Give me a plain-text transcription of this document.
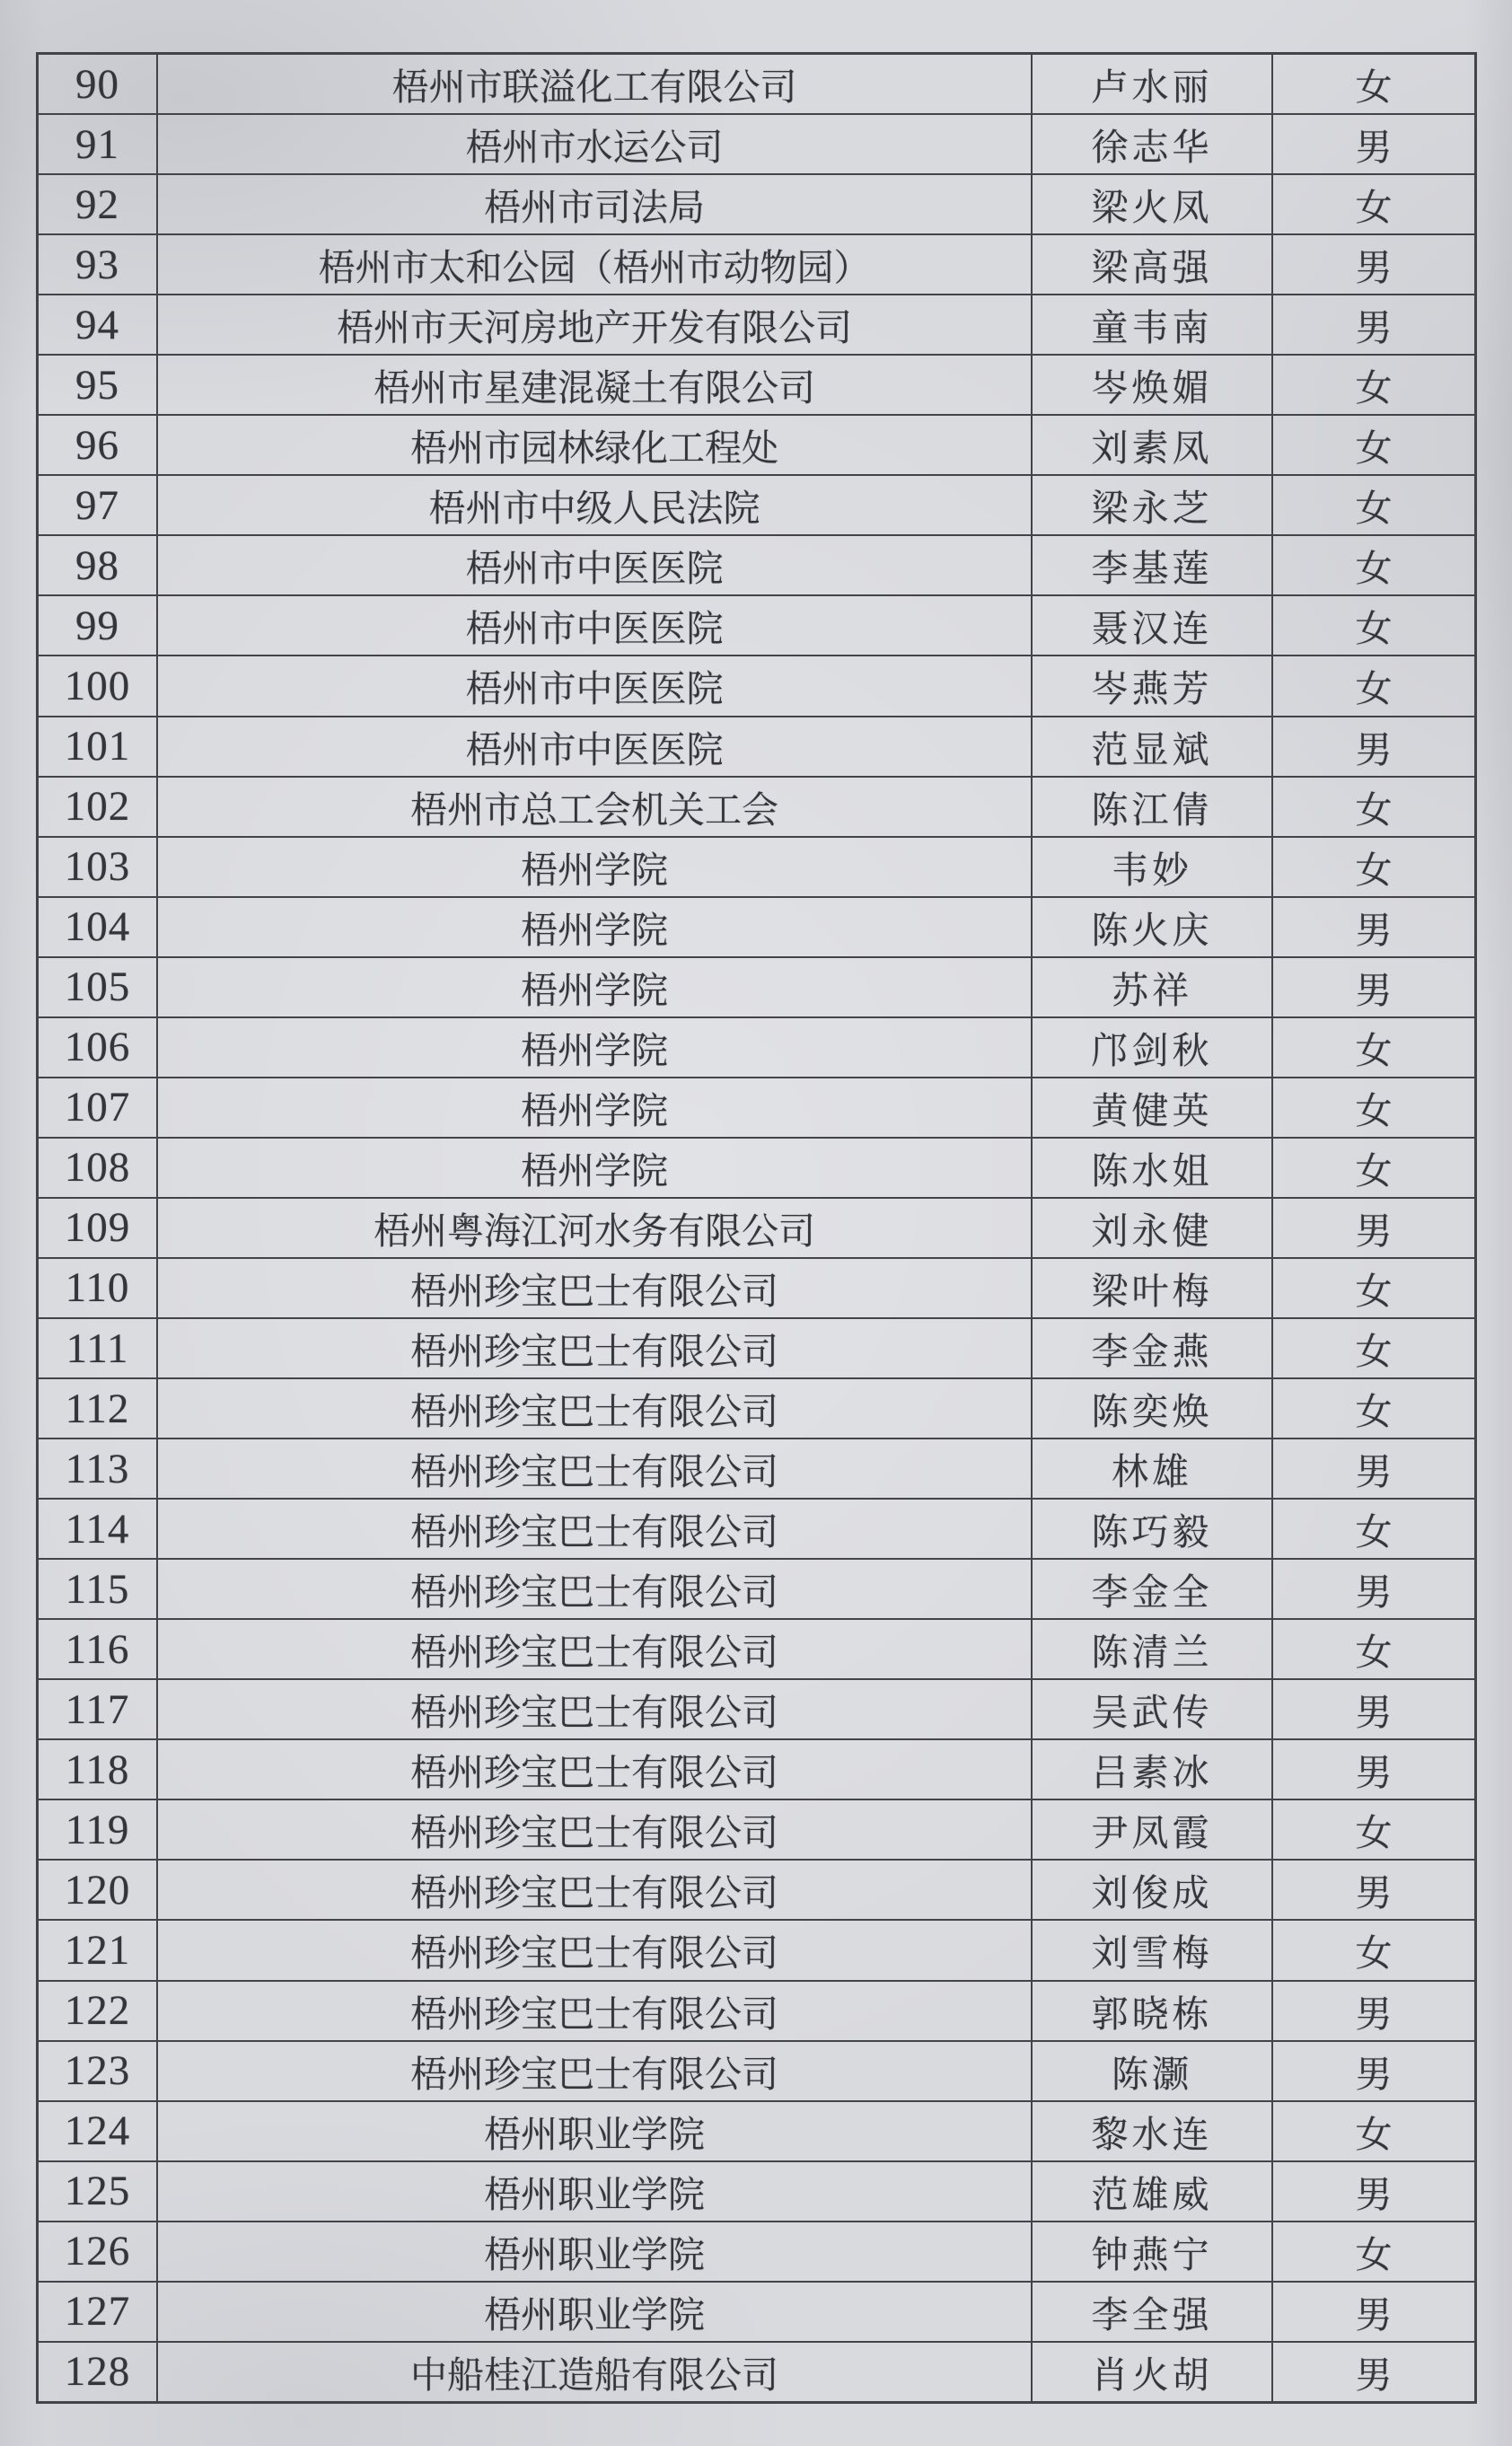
90	梧州市联溢化工有限公司	卢水丽	女
91	梧州市水运公司	徐志华	男
92	梧州市司法局	梁火凤	女
93	梧州市太和公园（梧州市动物园）	梁高强	男
94	梧州市天河房地产开发有限公司	童韦南	男
95	梧州市星建混凝土有限公司	岑焕媚	女
96	梧州市园林绿化工程处	刘素凤	女
97	梧州市中级人民法院	梁永芝	女
98	梧州市中医医院	李基莲	女
99	梧州市中医医院	聂汉连	女
100	梧州市中医医院	岑燕芳	女
101	梧州市中医医院	范显斌	男
102	梧州市总工会机关工会	陈江倩	女
103	梧州学院	韦妙	女
104	梧州学院	陈火庆	男
105	梧州学院	苏祥	男
106	梧州学院	邝剑秋	女
107	梧州学院	黄健英	女
108	梧州学院	陈水姐	女
109	梧州粤海江河水务有限公司	刘永健	男
110	梧州珍宝巴士有限公司	梁叶梅	女
111	梧州珍宝巴士有限公司	李金燕	女
112	梧州珍宝巴士有限公司	陈奕焕	女
113	梧州珍宝巴士有限公司	林雄	男
114	梧州珍宝巴士有限公司	陈巧毅	女
115	梧州珍宝巴士有限公司	李金全	男
116	梧州珍宝巴士有限公司	陈清兰	女
117	梧州珍宝巴士有限公司	吴武传	男
118	梧州珍宝巴士有限公司	吕素冰	男
119	梧州珍宝巴士有限公司	尹凤霞	女
120	梧州珍宝巴士有限公司	刘俊成	男
121	梧州珍宝巴士有限公司	刘雪梅	女
122	梧州珍宝巴士有限公司	郭晓栋	男
123	梧州珍宝巴士有限公司	陈灏	男
124	梧州职业学院	黎水连	女
125	梧州职业学院	范雄威	男
126	梧州职业学院	钟燕宁	女
127	梧州职业学院	李全强	男
128	中船桂江造船有限公司	肖火胡	男
